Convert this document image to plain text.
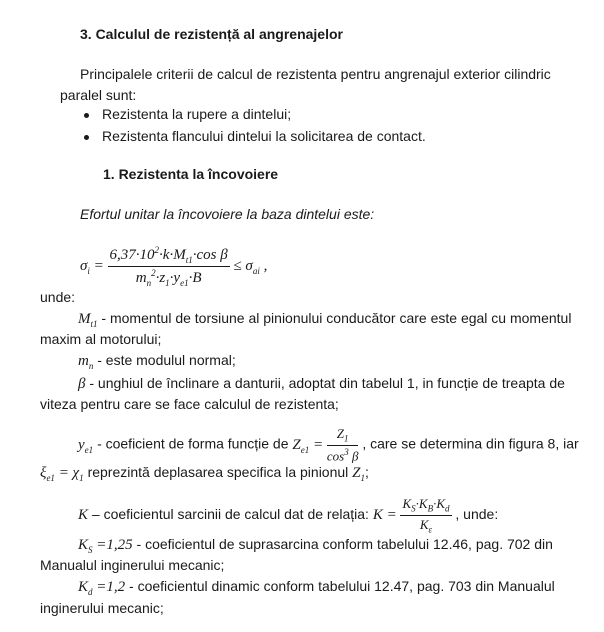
3. Calculul de rezistență al angrenajelor
Principalele criterii de calcul de rezistenta pentru angrenajul exterior cilindric
paralel sunt:
Rezistenta la rupere a dintelui;
Rezistenta flancului dintelui la solicitarea de contact.
1. Rezistenta la încovoiere
Efortul unitar la încovoiere la baza dintelui este:
$\sigma_i = \frac{6,37\cdot 10^2\cdot k\cdot M_{t1}\cdot\cos \beta}{m_n^2\cdot z_1\cdot y_{e1}\cdot B} \le \sigma_{ai}$ ,
unde:
$M_{t1}$ - momentul de torsiune al pinionului conducător care este egal cu momentul
maxim al motorului;
$m_n$ - este modulul normal;
β - unghiul de înclinare a danturii, adoptat din tabelul 1, in funcție de treapta de
viteza pentru care se face calculul de rezistenta;
$y_{e1}$ - coeficient de forma funcție de $Z_{e1} = \frac{Z_1}{\cos^3 \beta}$ , care se determina din figura 8, iar
$\xi_{e1} = \chi_1$ reprezintă deplasarea specifica la pinionul $Z_1$;
K – coeficientul sarcinii de calcul dat de relația: $K = \frac{K_S\cdot K_B\cdot K_d}{K_\varepsilon}$ , unde:
$K_S =1,25$ - coeficientul de suprasarcina conform tabelului 12.46, pag. 702 din
Manualul inginerului mecanic;
$K_d =1,2$ - coeficientul dinamic conform tabelului 12.47, pag. 703 din Manualul
inginerului mecanic;
